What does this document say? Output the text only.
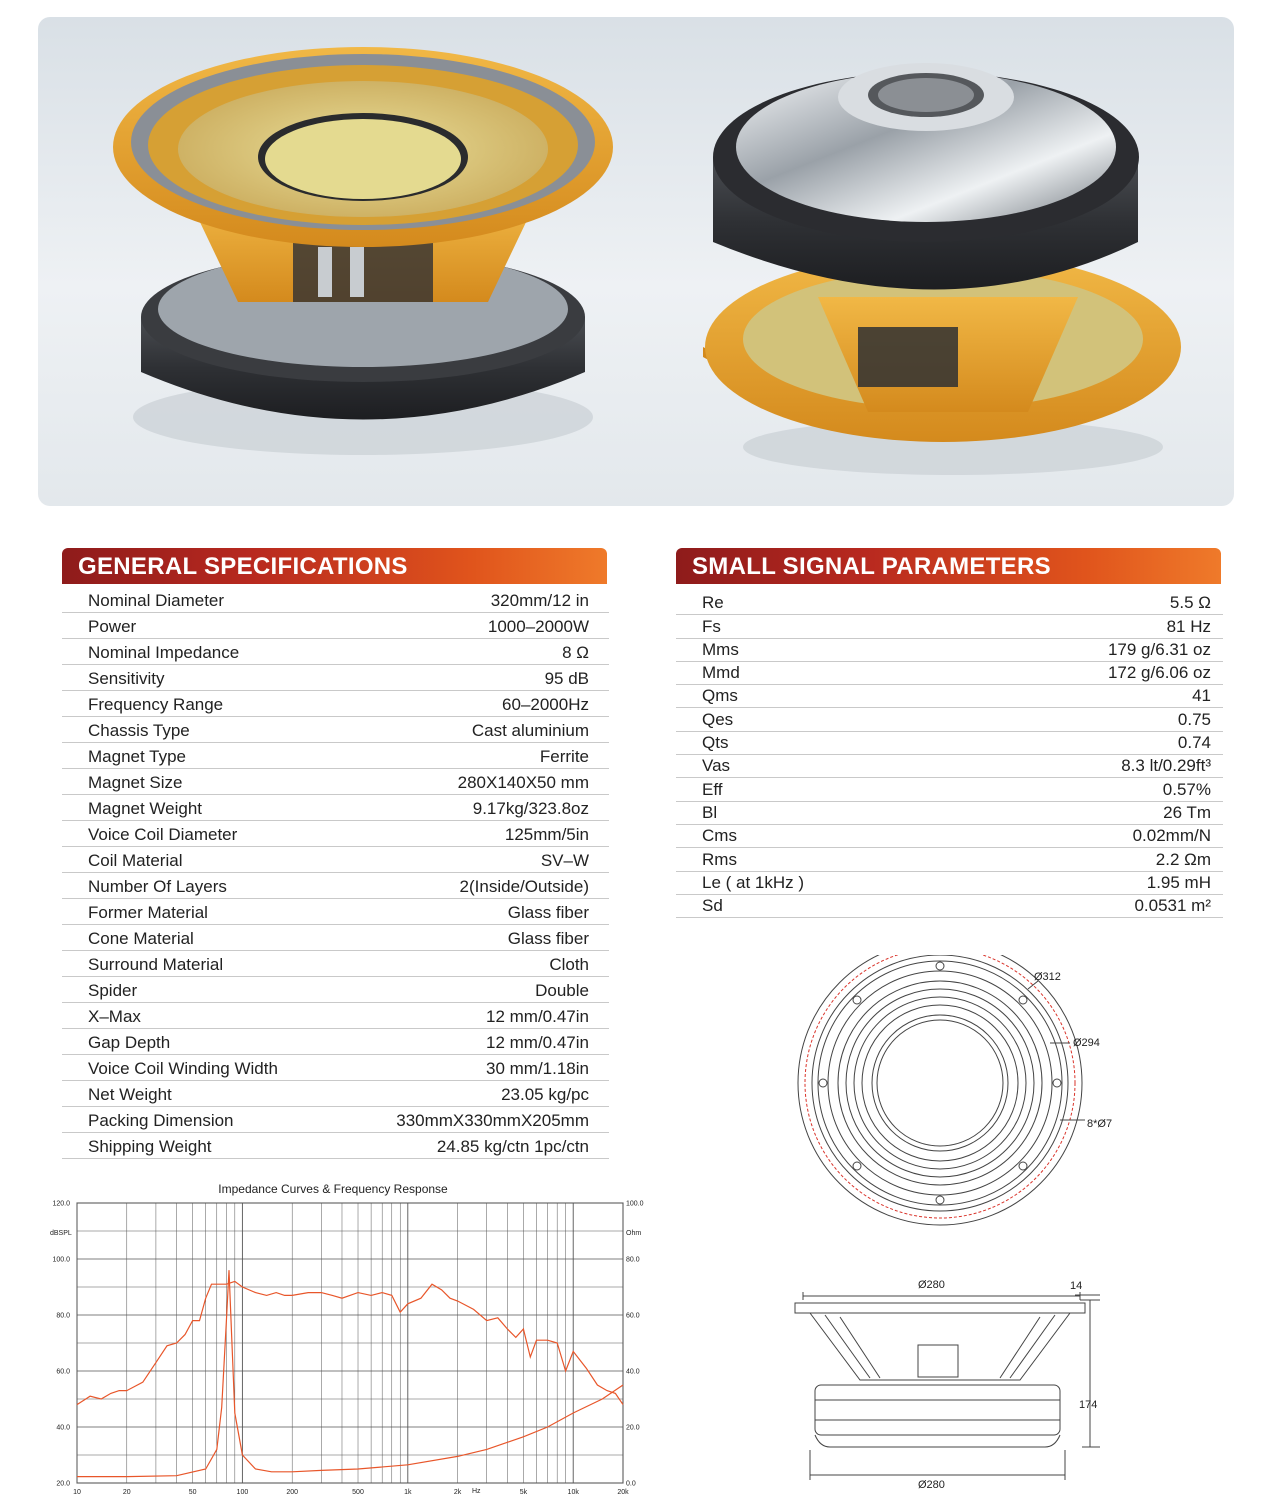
GENERAL SPECIFICATIONS
Nominal Diameter	320mm/12 in
Power	1000–2000W
Nominal Impedance	8 Ω
Sensitivity	95 dB
Frequency Range	60–2000Hz
Chassis Type	Cast aluminium
Magnet Type	Ferrite
Magnet Size	280X140X50 mm
Magnet Weight	9.17kg/323.8oz
Voice Coil Diameter	125mm/5in
Coil Material	SV–W
Number Of Layers	2(Inside/Outside)
Former Material	Glass fiber
Cone Material	Glass fiber
Surround Material	Cloth
Spider	Double
X–Max	12 mm/0.47in
Gap Depth	12 mm/0.47in
Voice Coil Winding Width	30 mm/1.18in
Net Weight	23.05 kg/pc
Packing Dimension	330mmX330mmX205mm
Shipping Weight	24.85 kg/ctn 1pc/ctn
SMALL SIGNAL PARAMETERS
Re	5.5 Ω
Fs	81 Hz
Mms	179 g/6.31 oz
Mmd	172 g/6.06 oz
Qms	41
Qes	0.75
Qts	0.74
Vas	8.3 lt/0.29ft³
Eff	0.57%
Bl	26 Tm
Cms	0.02mm/N
Rms	2.2 Ωm
Le ( at 1kHz )	1.95 mH
Sd	0.0531 m²
Impedance Curves & Frequency Response
dBSPL	Ohm
Hz
10	20	50	100	200	500	1k	2k	5k	10k	20k
20.0
40.0
60.0
80.0
100.0
120.0
0.0
20.0
40.0
60.0
80.0
100.0
Ø312
Ø294
8*Ø7
Ø280	14
174
Ø280
